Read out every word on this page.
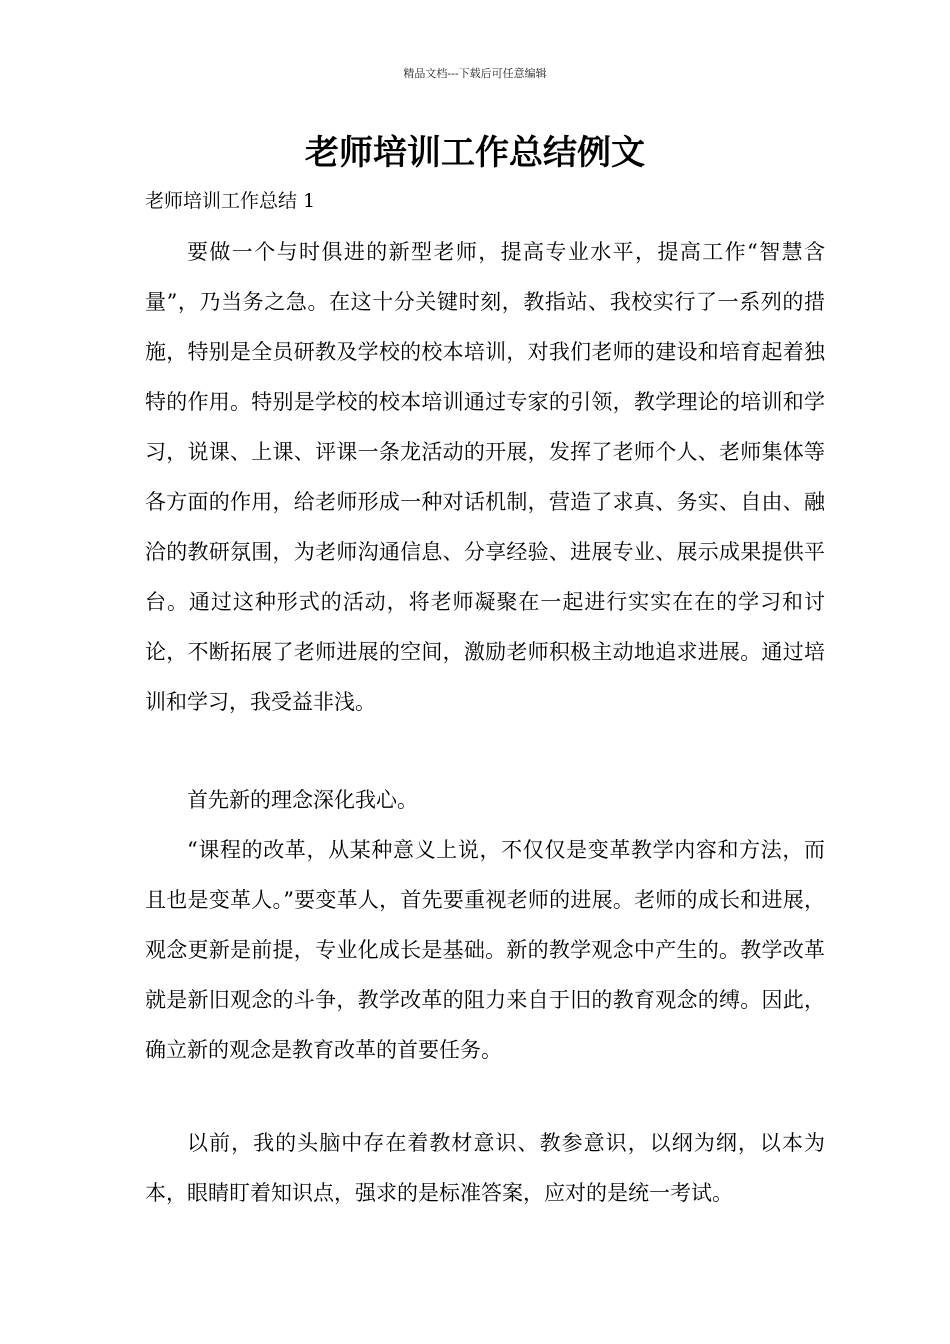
精品文档---下载后可任意编辑
老师培训工作总结例文
老师培训工作总结 1

要做一个与时俱进的新型老师，提高专业水平，提高工作“智慧含量”，乃当务之急。在这十分关键时刻，教指站、我校实行了一系列的措施，特别是全员研教及学校的校本培训，对我们老师的建设和培育起着独特的作用。特别是学校的校本培训通过专家的引领，教学理论的培训和学习，说课、上课、评课一条龙活动的开展，发挥了老师个人、老师集体等各方面的作用，给老师形成一种对话机制，营造了求真、务实、自由、融洽的教研氛围，为老师沟通信息、分享经验、进展专业、展示成果提供平台。通过这种形式的活动，将老师凝聚在一起进行实实在在的学习和讨论，不断拓展了老师进展的空间，激励老师积极主动地追求进展。通过培训和学习，我受益非浅。

首先新的理念深化我心。

“课程的改革，从某种意义上说，不仅仅是变革教学内容和方法，而且也是变革人。”要变革人，首先要重视老师的进展。老师的成长和进展，观念更新是前提，专业化成长是基础。新的教学观念中产生的。教学改革就是新旧观念的斗争，教学改革的阻力来自于旧的教育观念的缚。因此，确立新的观念是教育改革的首要任务。

以前，我的头脑中存在着教材意识、教参意识，以纲为纲，以本为本，眼睛盯着知识点，强求的是标准答案，应对的是统一考试。
